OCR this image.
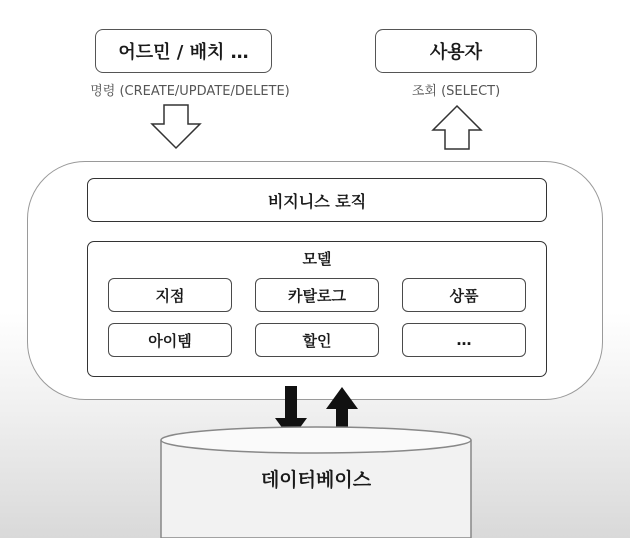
어드민 / 배치 …
명령 (CREATE/UPDATE/DELETE)
사용자
조회 (SELECT)
비지니스 로직
모델
지점	카탈로그	상품
아이템	할인	…
데이터베이스
